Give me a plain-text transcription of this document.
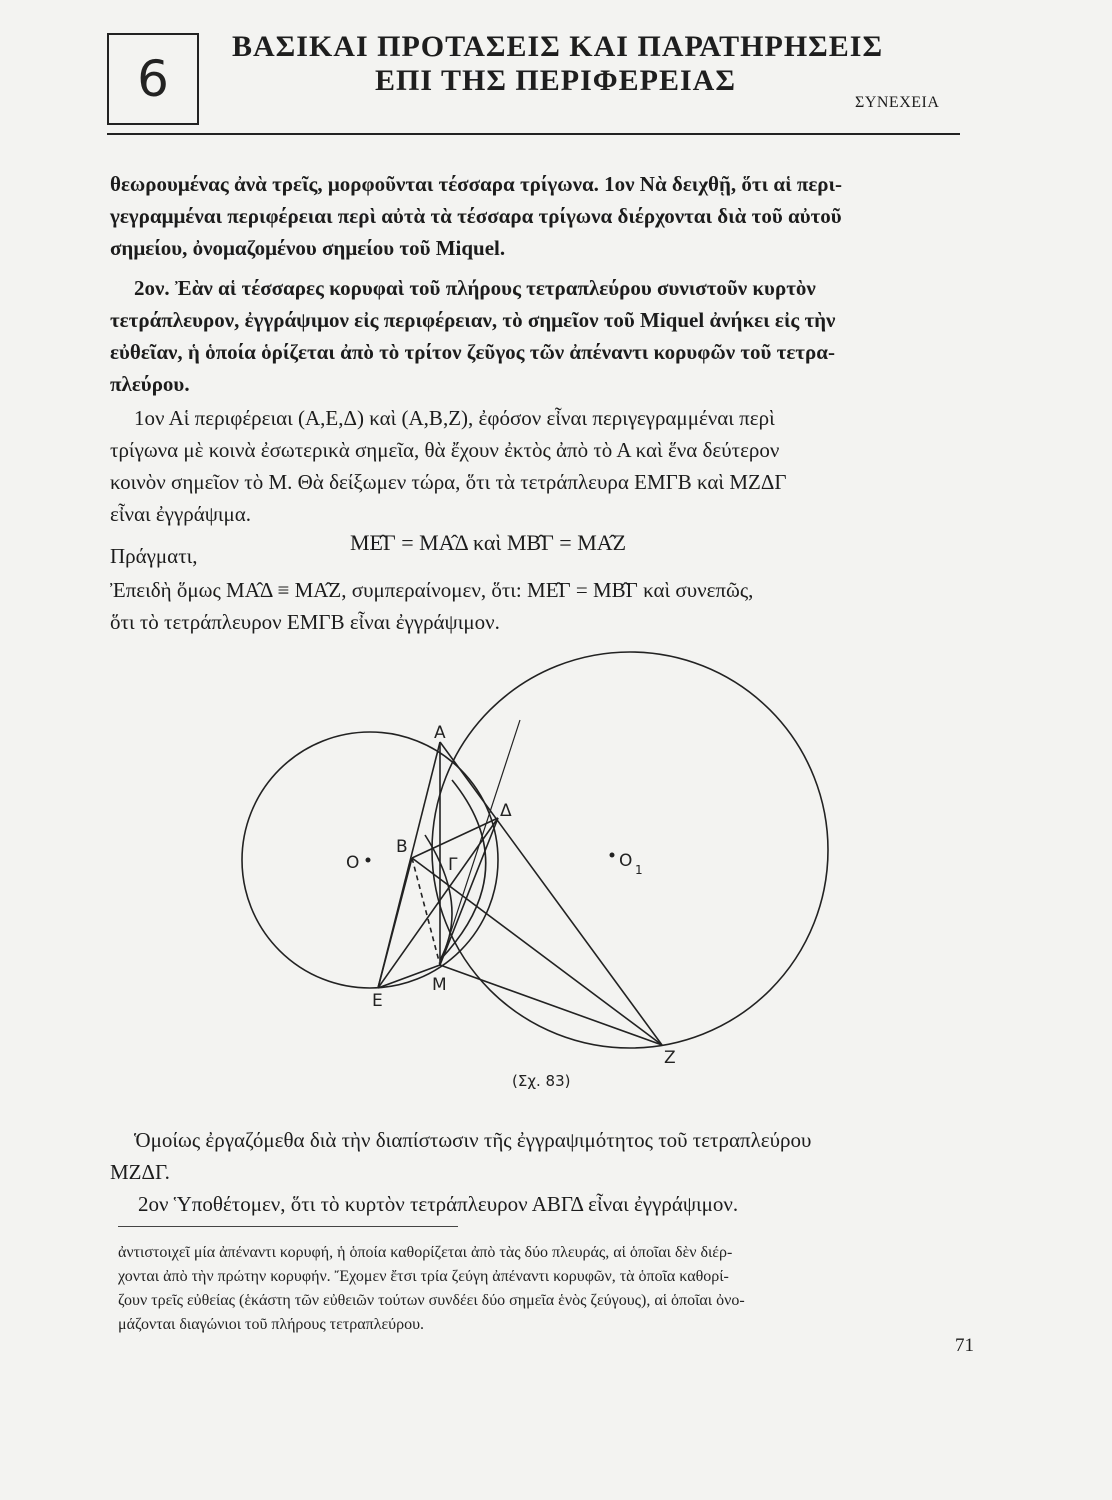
6
ΒΑΣΙΚΑΙ ΠΡΟΤΑΣΕΙΣ ΚΑΙ ΠΑΡΑΤΗΡΗΣΕΙΣ
ΕΠΙ ΤΗΣ ΠΕΡΙΦΕΡΕΙΑΣ
ΣΥΝΕΧΕΙΑ
θεωρουμένας ἀνὰ τρεῖς, μορφοῦνται τέσσαρα τρίγωνα. 1ον Νὰ δειχθῇ, ὅτι αἱ περι-
γεγραμμέναι περιφέρειαι περὶ αὐτὰ τὰ τέσσαρα τρίγωνα διέρχονται διὰ τοῦ αὐτοῦ
σημείου, ὀνομαζομένου σημείου τοῦ Miquel.
2ον. Ἐὰν αἱ τέσσαρες κορυφαὶ τοῦ πλήρους τετραπλεύρου συνιστοῦν κυρτὸν
τετράπλευρον, ἐγγράψιμον εἰς περιφέρειαν, τὸ σημεῖον τοῦ Miquel ἀνήκει εἰς τὴν
εὐθεῖαν, ἡ ὁποία ὁρίζεται ἀπὸ τὸ τρίτον ζεῦγος τῶν ἀπέναντι κορυφῶν τοῦ τετρα-
πλεύρου.
1ον Αἱ περιφέρειαι (Α,Ε,Δ) καὶ (Α,Β,Ζ), ἐφόσον εἶναι περιγεγραμμέναι περὶ
τρίγωνα μὲ κοινὰ ἐσωτερικὰ σημεῖα, θὰ ἔχουν ἐκτὸς ἀπὸ τὸ Α καὶ ἕνα δεύτερον
κοινὸν σημεῖον τὸ Μ. Θὰ δείξωμεν τώρα, ὅτι τὰ τετράπλευρα ΕΜΓΒ καὶ ΜΖΔΓ
εἶναι ἐγγράψιμα.
Πράγματι,
ΜΕ̂Γ = ΜΑ̂Δ καὶ ΜΒ̂Γ = ΜΑ̂Ζ
Ἐπειδὴ ὅμως ΜΑ̂Δ ≡ ΜΑ̂Ζ, συμπεραίνομεν, ὅτι: ΜΕ̂Γ = ΜΒ̂Γ καὶ συνεπῶς,
ὅτι τὸ τετράπλευρον ΕΜΓΒ εἶναι ἐγγράψιμον.
Α
Β
Γ
Δ
Ε
Μ
Ζ
Ο	Ο 1
(Σχ. 83)
Ὁμοίως ἐργαζόμεθα διὰ τὴν διαπίστωσιν τῆς ἐγγραψιμότητος τοῦ τετραπλεύρου
ΜΖΔΓ.
2ον Ὑποθέτομεν, ὅτι τὸ κυρτὸν τετράπλευρον ΑΒΓΔ εἶναι ἐγγράψιμον.
ἀντιστοιχεῖ μία ἀπέναντι κορυφή, ἡ ὁποία καθορίζεται ἀπὸ τὰς δύο πλευράς, αἱ ὁποῖαι δὲν διέρ-
χονται ἀπὸ τὴν πρώτην κορυφήν. Ἔχομεν ἔτσι τρία ζεύγη ἀπέναντι κορυφῶν, τὰ ὁποῖα καθορί-
ζουν τρεῖς εὐθείας (ἑκάστη τῶν εὐθειῶν τούτων συνδέει δύο σημεῖα ἑνὸς ζεύγους), αἱ ὁποῖαι ὀνο-
μάζονται διαγώνιοι τοῦ πλήρους τετραπλεύρου.
71
